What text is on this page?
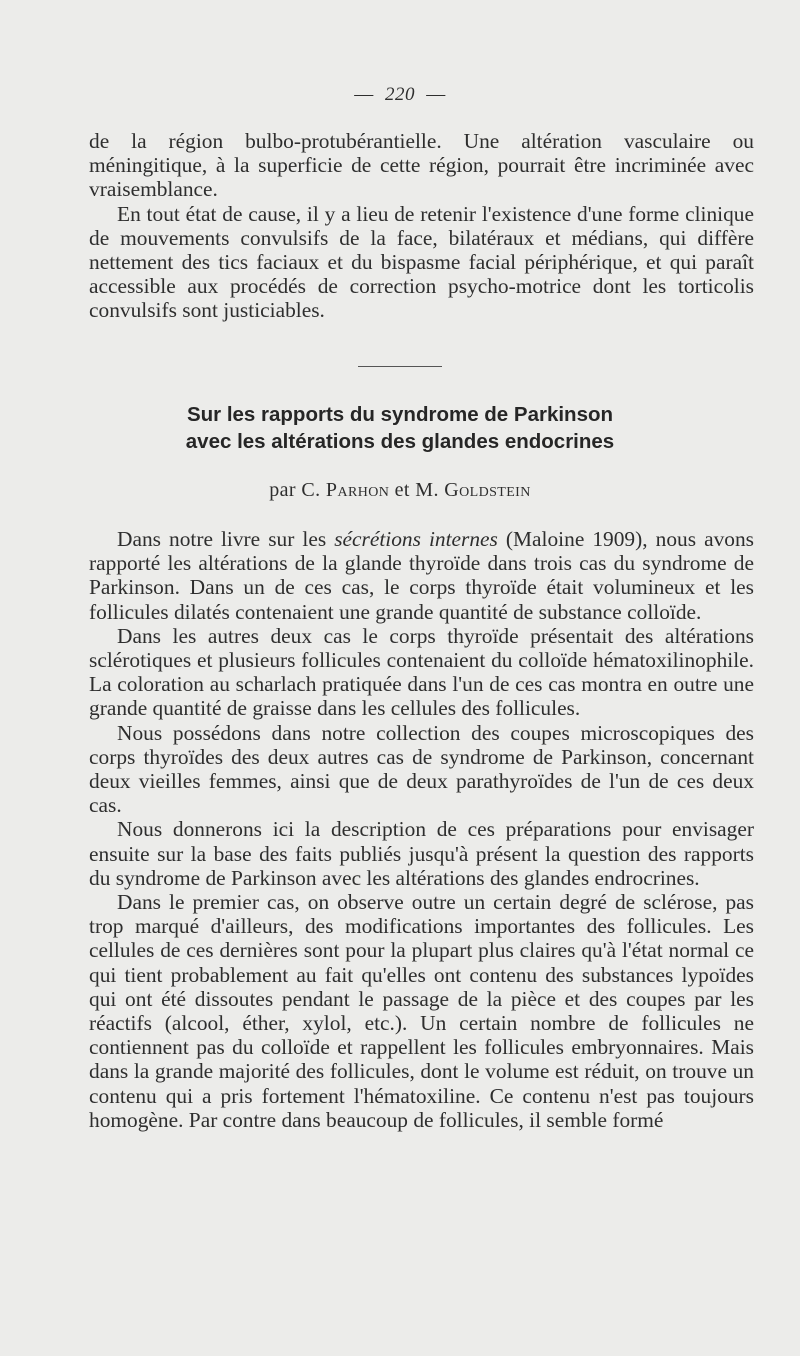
— 220 —

de la région bulbo-protubérantielle. Une altération vasculaire ou méningitique, à la superficie de cette région, pourrait être incriminée avec vraisemblance.

En tout état de cause, il y a lieu de retenir l'existence d'une forme clinique de mouvements convulsifs de la face, bilatéraux et médians, qui diffère nettement des tics faciaux et du bispasme facial périphérique, et qui paraît accessible aux procédés de correction psycho-motrice dont les torticolis convulsifs sont justiciables.

Sur les rapports du syndrome de Parkinson
avec les altérations des glandes endocrines
par C. Parhon et M. Goldstein

Dans notre livre sur les sécrétions internes (Maloine 1909), nous avons rapporté les altérations de la glande thyroïde dans trois cas du syndrome de Parkinson. Dans un de ces cas, le corps thyroïde était volumineux et les follicules dilatés contenaient une grande quantité de substance colloïde.

Dans les autres deux cas le corps thyroïde présentait des altérations sclérotiques et plusieurs follicules contenaient du colloïde hématoxilinophile. La coloration au scharlach pratiquée dans l'un de ces cas montra en outre une grande quantité de graisse dans les cellules des follicules.

Nous possédons dans notre collection des coupes microscopiques des corps thyroïdes des deux autres cas de syndrome de Parkinson, concernant deux vieilles femmes, ainsi que de deux parathyroïdes de l'un de ces deux cas.

Nous donnerons ici la description de ces préparations pour envisager ensuite sur la base des faits publiés jusqu'à présent la question des rapports du syndrome de Parkinson avec les altérations des glandes endrocrines.

Dans le premier cas, on observe outre un certain degré de sclérose, pas trop marqué d'ailleurs, des modifications importantes des follicules. Les cellules de ces dernières sont pour la plupart plus claires qu'à l'état normal ce qui tient probablement au fait qu'elles ont contenu des substances lypoïdes qui ont été dissoutes pendant le passage de la pièce et des coupes par les réactifs (alcool, éther, xylol, etc.). Un certain nombre de follicules ne contiennent pas du colloïde et rappellent les follicules embryonnaires. Mais dans la grande majorité des follicules, dont le volume est réduit, on trouve un contenu qui a pris fortement l'hématoxiline. Ce contenu n'est pas toujours homogène. Par contre dans beaucoup de follicules, il semble formé
